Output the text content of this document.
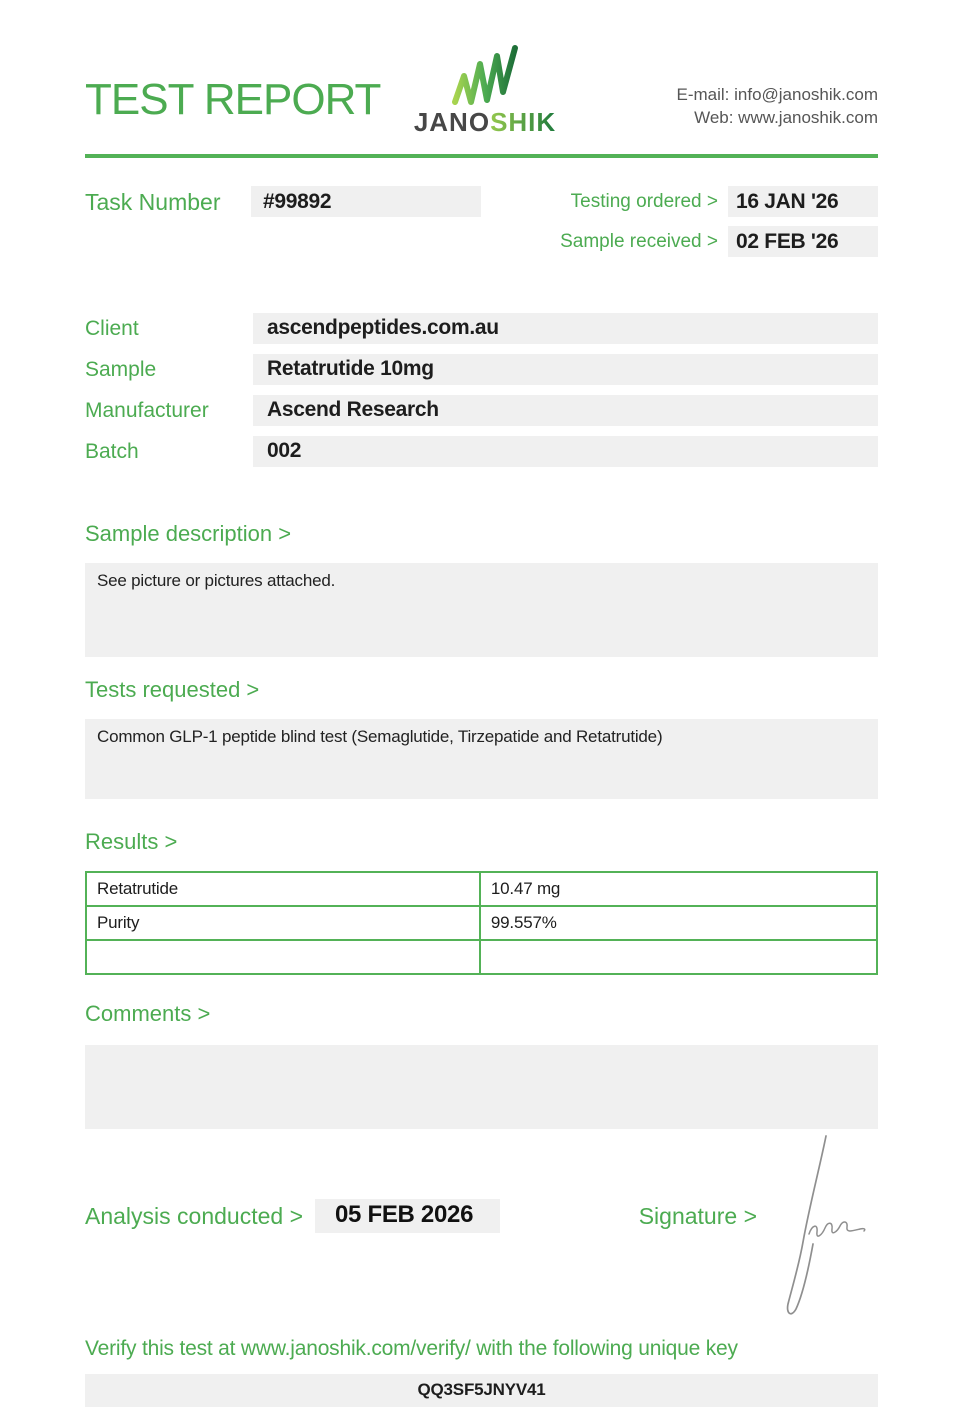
TEST REPORT	JANOSHIK
E-mail: info@janoshik.com
Web: www.janoshik.com
Task Number	#99892	Testing ordered > 16 JAN '26
Sample received > 02 FEB '26
Client	ascendpeptides.com.au
Sample	Retatrutide 10mg
Manufacturer	Ascend Research
Batch	002
Sample description >
See picture or pictures attached.
Tests requested >
Common GLP-1 peptide blind test (Semaglutide, Tirzepatide and Retatrutide)
Results >
Retatrutide	10.47 mg
Purity	99.557%

Comments >
Analysis conducted >	05 FEB 2026	Signature >
Verify this test at www.janoshik.com/verify/ with the following unique key
QQ3SF5JNYV41
